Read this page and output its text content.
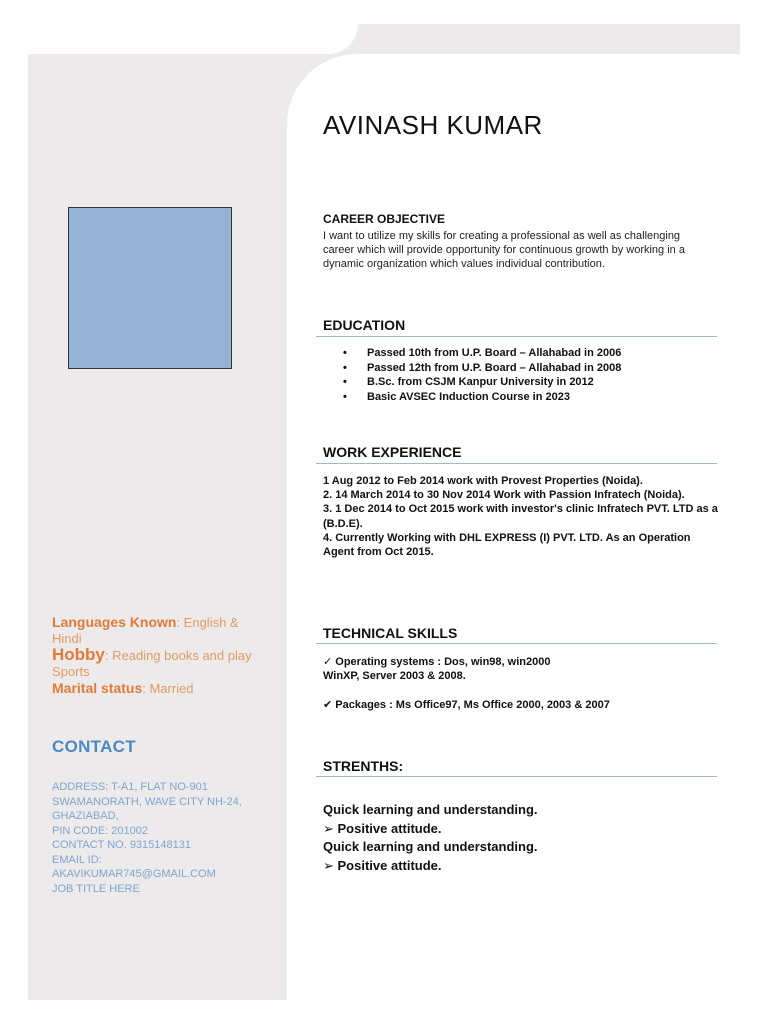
Languages Known: English & Hindi
Hobby: Reading books and play Sports
Marital status: Married
CONTACT
ADDRESS: T-A1, FLAT NO-901
SWAMANORATH, WAVE CITY NH-24,
GHAZIABAD,
PIN CODE: 201002
CONTACT NO. 9315148131
EMAIL ID:
AKAVIKUMAR745@GMAIL.COM
JOB TITLE HERE
AVINASH KUMAR
CAREER OBJECTIVE
I want to utilize my skills for creating a professional as well as challenging career which will provide opportunity for continuous growth by working in a dynamic organization which values individual contribution.
EDUCATION
• Passed 10th from U.P. Board – Allahabad in 2006
• Passed 12th from U.P. Board – Allahabad in 2008
• B.Sc. from CSJM Kanpur University in 2012
• Basic AVSEC Induction Course in 2023
WORK EXPERIENCE
1 Aug 2012 to Feb 2014 work with Provest Properties (Noida).
2. 14 March 2014 to 30 Nov 2014 Work with Passion Infratech (Noida).
3. 1 Dec 2014 to Oct 2015 work with investor's clinic Infratech PVT. LTD as a (B.D.E).
4. Currently Working with DHL EXPRESS (I) PVT. LTD. As an Operation Agent from Oct 2015.
TECHNICAL SKILLS
✓ Operating systems : Dos, win98, win2000
WinXP, Server 2003 & 2008.
✔ Packages : Ms Office97, Ms Office 2000, 2003 & 2007
STRENTHS:
Quick learning and understanding.
➢ Positive attitude.
Quick learning and understanding.
➢ Positive attitude.
